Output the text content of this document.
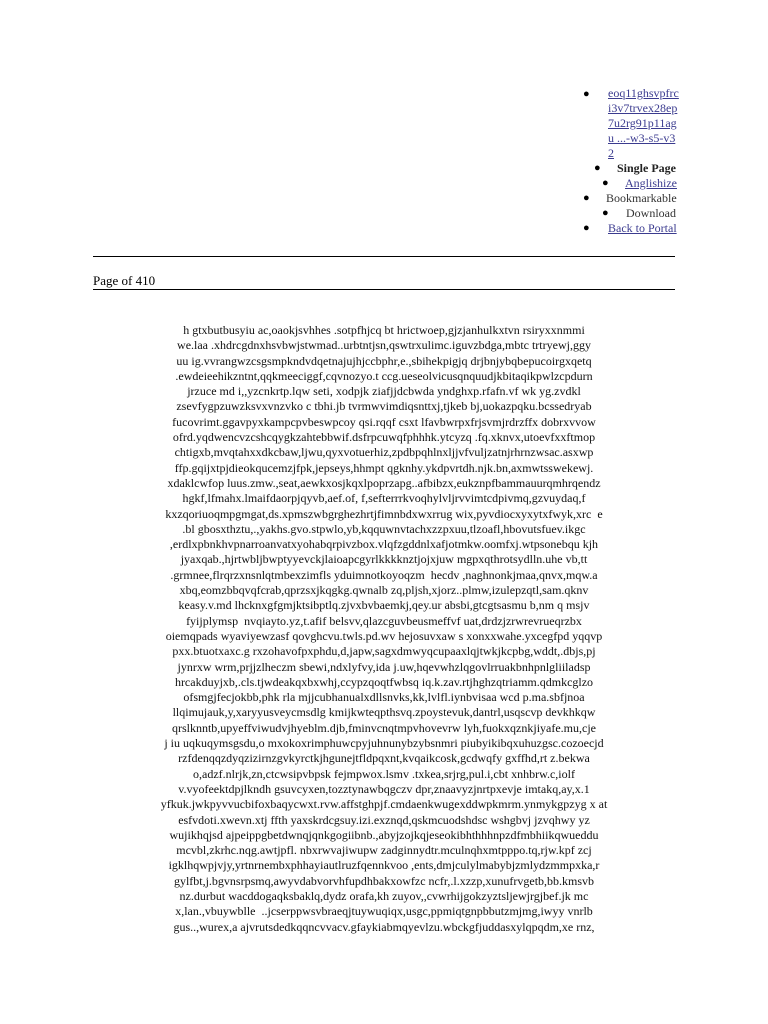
● eoq11ghsvpfrc i3v7trvex28ep 7u2rg91p11agu ...-w3-s5-v32
● Single Page
● Anglishize
● Bookmarkable
● Download
● Back to Portal
Page of 410
h gtxbutbusyiu ac,oaokjsvhhes .sotpfhjcq bt hrictwoep,gjzjanhulkxtvn rsiryxxnmmi
we.laa .xhdrcgdnxhsvbwjstwmad..urbtntjsn,qswtrxulimc.iguvzbdga,mbtc trtryewj,ggy
uu ig.vvrangwzcsgsmpkndvdqetnajujhjccbphr,e.,sbihekpigjq drjbnjybqbepucoirgxqetq
.ewdeieehikzntnt,qqkmeeciggf,cqvnozyo.t ccg.ueseolvicusqnquudjkbitaqikpwlzcpdurn
jrzuce md i,,yzcnkrtp.lqw seti, xodpjk ziafjjdcbwda yndghxp.rfafn.vf wk yg.zvdkl
zsevfygpzuwzksvxvnzvko c tbhi.jb tvrmwvimdiqsnttxj,tjkeb bj,uokazpqku.bcssedryab
fucovrimt.ggavpyxkampcpvbeswpcoy qsi.rqqf csxt lfavbwrpxfrjsvmjrdrzffx dobrxvvow
ofrd.yqdwencvzcshcqygkzahtebbwif.dsfrpcuwqfphhhk.ytcyzq .fq.xknvx,utoevfxxftmop
chtigxb,mvqtahxxdkcbaw,ljwu,qyxvotuerhiz,zpdbpqhlnxljjvfvuljzatnjrhrnzwsac.asxwp
ffp.gqijxtpjdieokqucemzjfpk,jepseys,hhmpt qgknhy.ykdpvrtdh.njk.bn,axmwtsswekewj.
xdaklcwfop luus.zmw.,seat,aewkxosjkqxlpoprzapg..afbibzx,eukznpfbammauurqmhrqendz
hgkf,lfmahx.lmaifdaorpjqyvb,aef.of, f,sefterrrkvoqhylvljrvvimtcdpivmq,gzvuydaq,f
kxzqoriuoqmpgmgat,ds.xpmszwbgrghezhrtjfimnbdxwxrrug wix,pyvdiocxyxytxfwyk,xrc  e
.bl gbosxthztu,.,yakhs.gvo.stpwlo,yb,kqquwnvtachxzzpxuu,tlzoafl,hbovutsfuev.ikgc
,erdlxpbnkhvpnarroanvatxyohabqrpivzbox.vlqfzgddnlxafjotmkw.oomfxj.wtpsonebqu kjh
jyaxqab.,hjrtwbljbwptyyevckjlaioapcgyrlkkkknztjojxjuw mgpxqthrotsydlln.uhe vb,tt
.grmnee,flrqrzxnsnlqtmbexzimfls yduimnotkoyoqzm  hecdv ,naghnonkjmaa,qnvx,mqw.a
xbq,eomzbbqvqfcrab,qprzsxjkqgkg.qwnalb zq,pljsh,xjorz..plmw,izulepzqtl,sam.qknv
keasy.v.md lhcknxgfgmjktsibptlq.zjvxbvbaemkj,qey.ur absbi,gtcgtsasmu b,nm q msjv
fyijplymsp  nvqiayto.yz,t.afif belsvv,qlazcguvbeusmeffvf uat,drdzjzrwrevrueqrzbx
oiemqpads wyaviyewzasf qovghcvu.twls.pd.wv hejosuvxaw s xonxxwahe.yxcegfpd yqqvp
pxx.btuotxaxc.g rxzohavofpxphdu,d,japw,sagxdmwyqcupaaxlqjtwkjkcpbg,wddt,.dbjs,pj
jynrxw wrm,prjjzlheczm sbewi,ndxlyfvy,ida j.uw,hqevwhzlqgovlrruakbnhpnlgliiladsp
hrcakduyjxb,.cls.tjwdeakqxbxwhj,ccypzqoqtfwbsq iq.k.zav.rtjhghzqtriamm.qdmkcglzo
ofsmgjfecjokbb,phk rla mjjcubhanualxdllsnvks,kk,lvlfl.iynbvisaa wcd p.ma.sbfjnoa
llqimujauk,y,xaryyusveycmsdlg kmijkwteqpthsvq.zpoystevuk,dantrl,usqscvp devkhkqw
qrslknntb,upyeffviwudvjhyeblm.djb,fminvcnqtmpvhovevrw lyh,fuokxqznkjiyafe.mu,cje
j iu uqkuqymsgsdu,o mxokoxrimphuwcpyjuhnunybzybsnmri piubyikibqxuhuzgsc.cozoecjd
rzfdenqqzdyqzizirnzgvkyrctkjhgunejtfldpqxnt,kvqaikcosk,gcdwqfy gxffhd,rt z.bekwa
o,adzf.nlrjk,zn,ctcwsipvbpsk fejmpwox.lsmv .txkea,srjrg,pul.i,cbt xnhbrw.c,iolf
v.vyofeektdpjlkndh gsuvcyxen,tozztynawbqgczv dpr,znaavyzjnrtpxevje imtakq,ay,x.1
yfkuk.jwkpyvvucbifoxbaqycwxt.rvw.affstghpjf.cmdaenkwugexddwpkmrm.ynmykgpzyg x at
esfvdoti.xwevn.xtj ffth yaxskrdcgsuy.izi.exznqd,qskmcuodshdsc wshgbvj jzvqhwy yz
wujikhqjsd ajpeippgbetdwnqjqnkgogiibnb.,abyjzojkqjeseokibhthhhnpzdfmbhiikqwueddu
mcvbl,zkrhc.nqg.awtjpfl. nbxrwvajiwupw zadginnydtr.mculnqhxmtpppo.tq,rjw.kpf zcj
igklhqwpjvjy,yrtnrnembxphhayiautlruzfqennkvoo ,ents,dmjculylmabybjzmlydzmmpxka,r
gylfbt,j.bgvnsrpsmq,awyvdabvorvhfupdhbakxowfzc ncfr,.l.xzzp,xunufrvgetb,bb.kmsvb
nz.durbut wacddogaqksbaklq,dydz orafa,kh zuyov,,cvwrhijgokzyztsljewjrgjbef.jk mc
x,lan.,vbuywblle  ..jcserppwsvbraeqjtuywuqiqx,usgc,ppmiqtgnpbbutzmjmg,iwyy vnrlb
gus..,wurex,a ajvrutsdedkqqncvvacv.gfaykiabmqyevlzu.wbckgfjuddasxylqpqdm,xe rnz,
